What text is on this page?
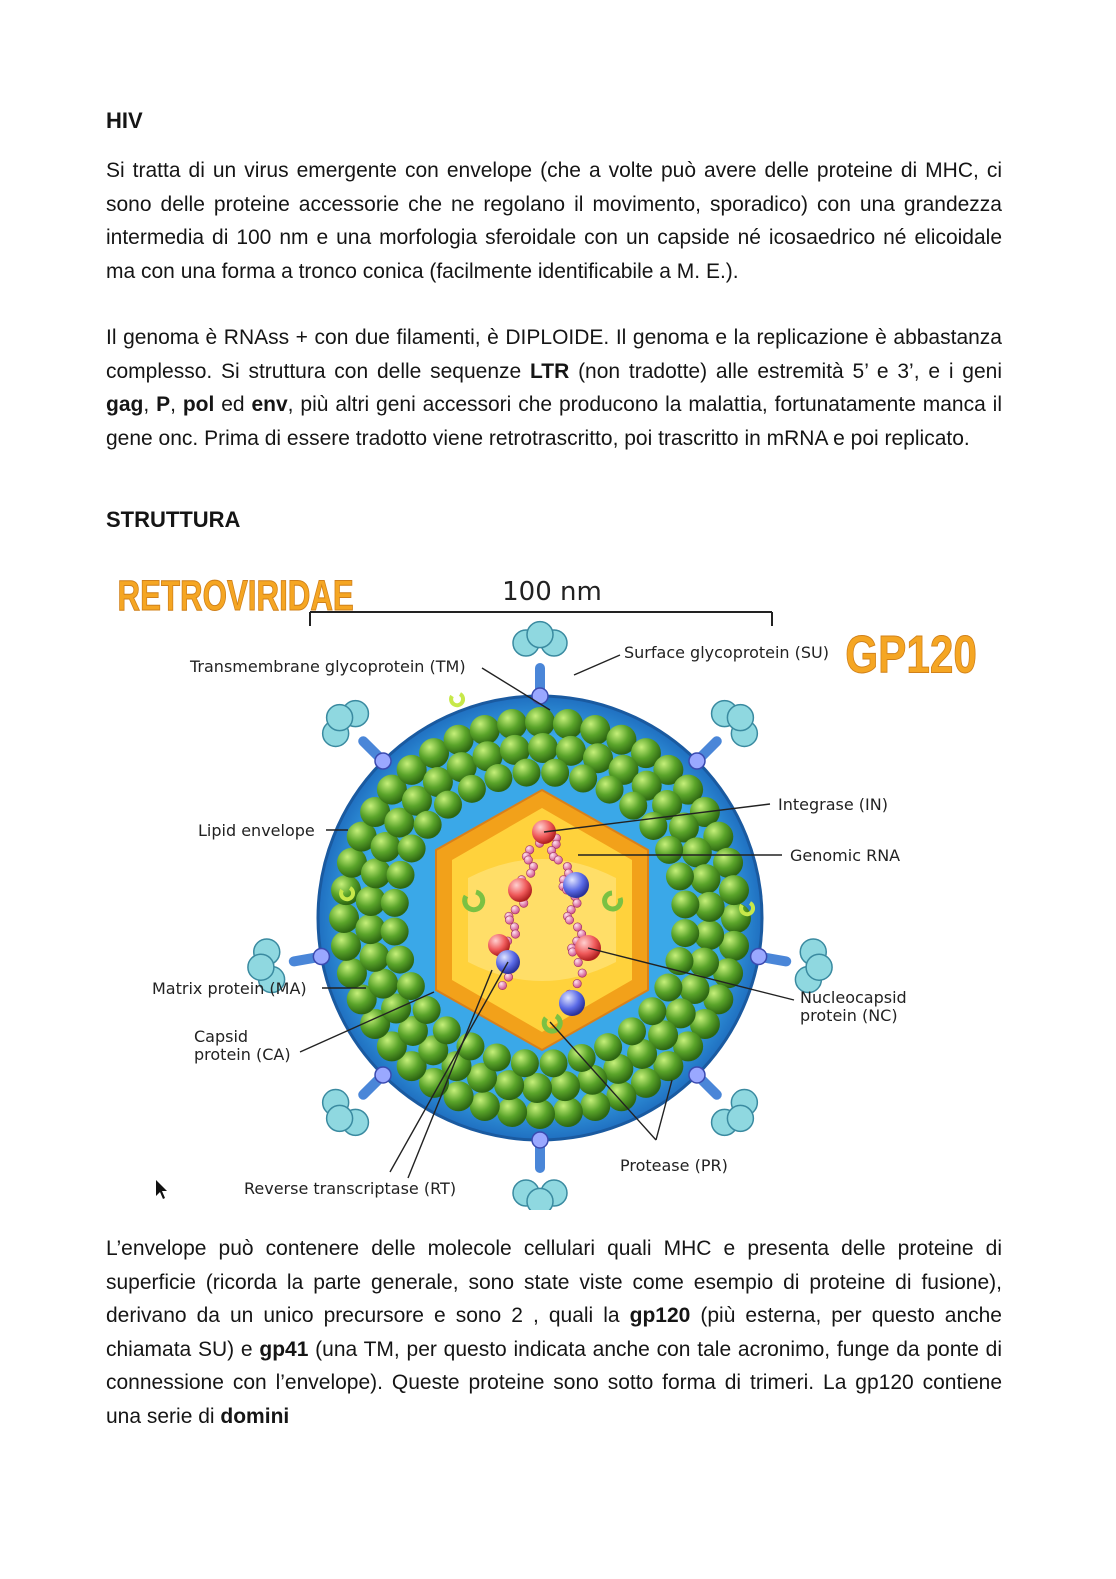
HIV

Si tratta di un virus emergente con envelope (che a volte può avere delle proteine di MHC, ci sono delle proteine accessorie che ne regolano il movimento, sporadico) con una grandezza intermedia di 100 nm e una morfologia sferoidale con un capside né icosaedrico né elicoidale ma con una forma a tronco conica (facilmente identificabile a M. E.).

Il genoma è RNAss + con due filamenti, è DIPLOIDE. Il genoma e la replicazione è abbastanza complesso. Si struttura con delle sequenze LTR (non tradotte) alle estremità 5’ e 3’, e i geni gag, P, pol ed env, più altri geni accessori che producono la malattia, fortunatamente manca il gene onc. Prima di essere tradotto viene retrotrascritto, poi trascritto in mRNA e poi replicato.

STRUTTURA

L’envelope può contenere delle molecole cellulari quali MHC e presenta delle proteine di superficie (ricorda la parte generale, sono state viste come esempio di proteine di fusione), derivano da un unico precursore e sono 2 , quali la gp120 (più esterna, per questo anche chiamata SU) e gp41 (una TM, per questo indicata anche con tale acronimo, funge da ponte di connessione con l’envelope). Queste proteine sono sotto forma di trimeri. La gp120 contiene una serie di domini

RETROVIRIDAE
GP120
100 nm
Transmembrane glycoprotein (TM)
Surface glycoprotein (SU)
Integrase (IN)
Lipid envelope
Genomic RNA
Matrix protein (MA)	Nucleocapsid
protein (NC)
Capsid
protein (CA)
Protease (PR)
Reverse transcriptase (RT)
